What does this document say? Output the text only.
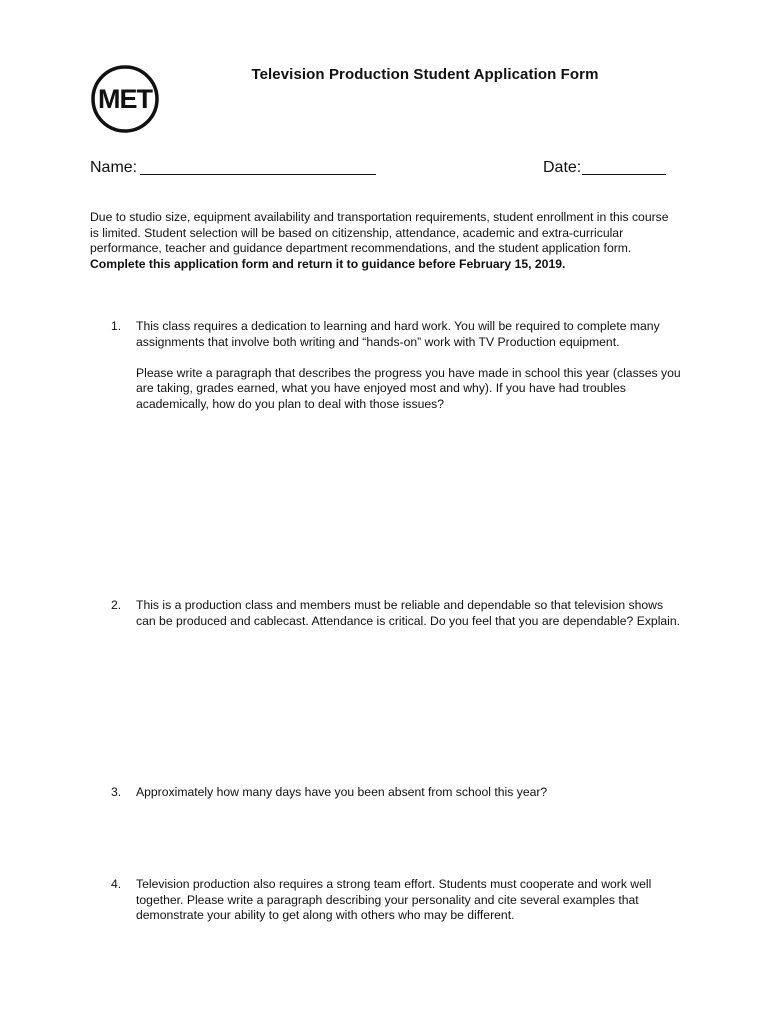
MET
Television Production Student Application Form
Name:	Date:
Due to studio size, equipment availability and transportation requirements, student enrollment in this course is limited. Student selection will be based on citizenship, attendance, academic and extra-curricular performance, teacher and guidance department recommendations, and the student application form. Complete this application form and return it to guidance before February 15, 2019.
1.	This class requires a dedication to learning and hard work. You will be required to complete many assignments that involve both writing and “hands-on” work with TV Production equipment.

Please write a paragraph that describes the progress you have made in school this year (classes you are taking, grades earned, what you have enjoyed most and why). If you have had troubles academically, how do you plan to deal with those issues?

2.	This is a production class and members must be reliable and dependable so that television shows can be produced and cablecast. Attendance is critical. Do you feel that you are dependable? Explain.

3.	Approximately how many days have you been absent from school this year?

4.	Television production also requires a strong team effort. Students must cooperate and work well together. Please write a paragraph describing your personality and cite several examples that demonstrate your ability to get along with others who may be different.
